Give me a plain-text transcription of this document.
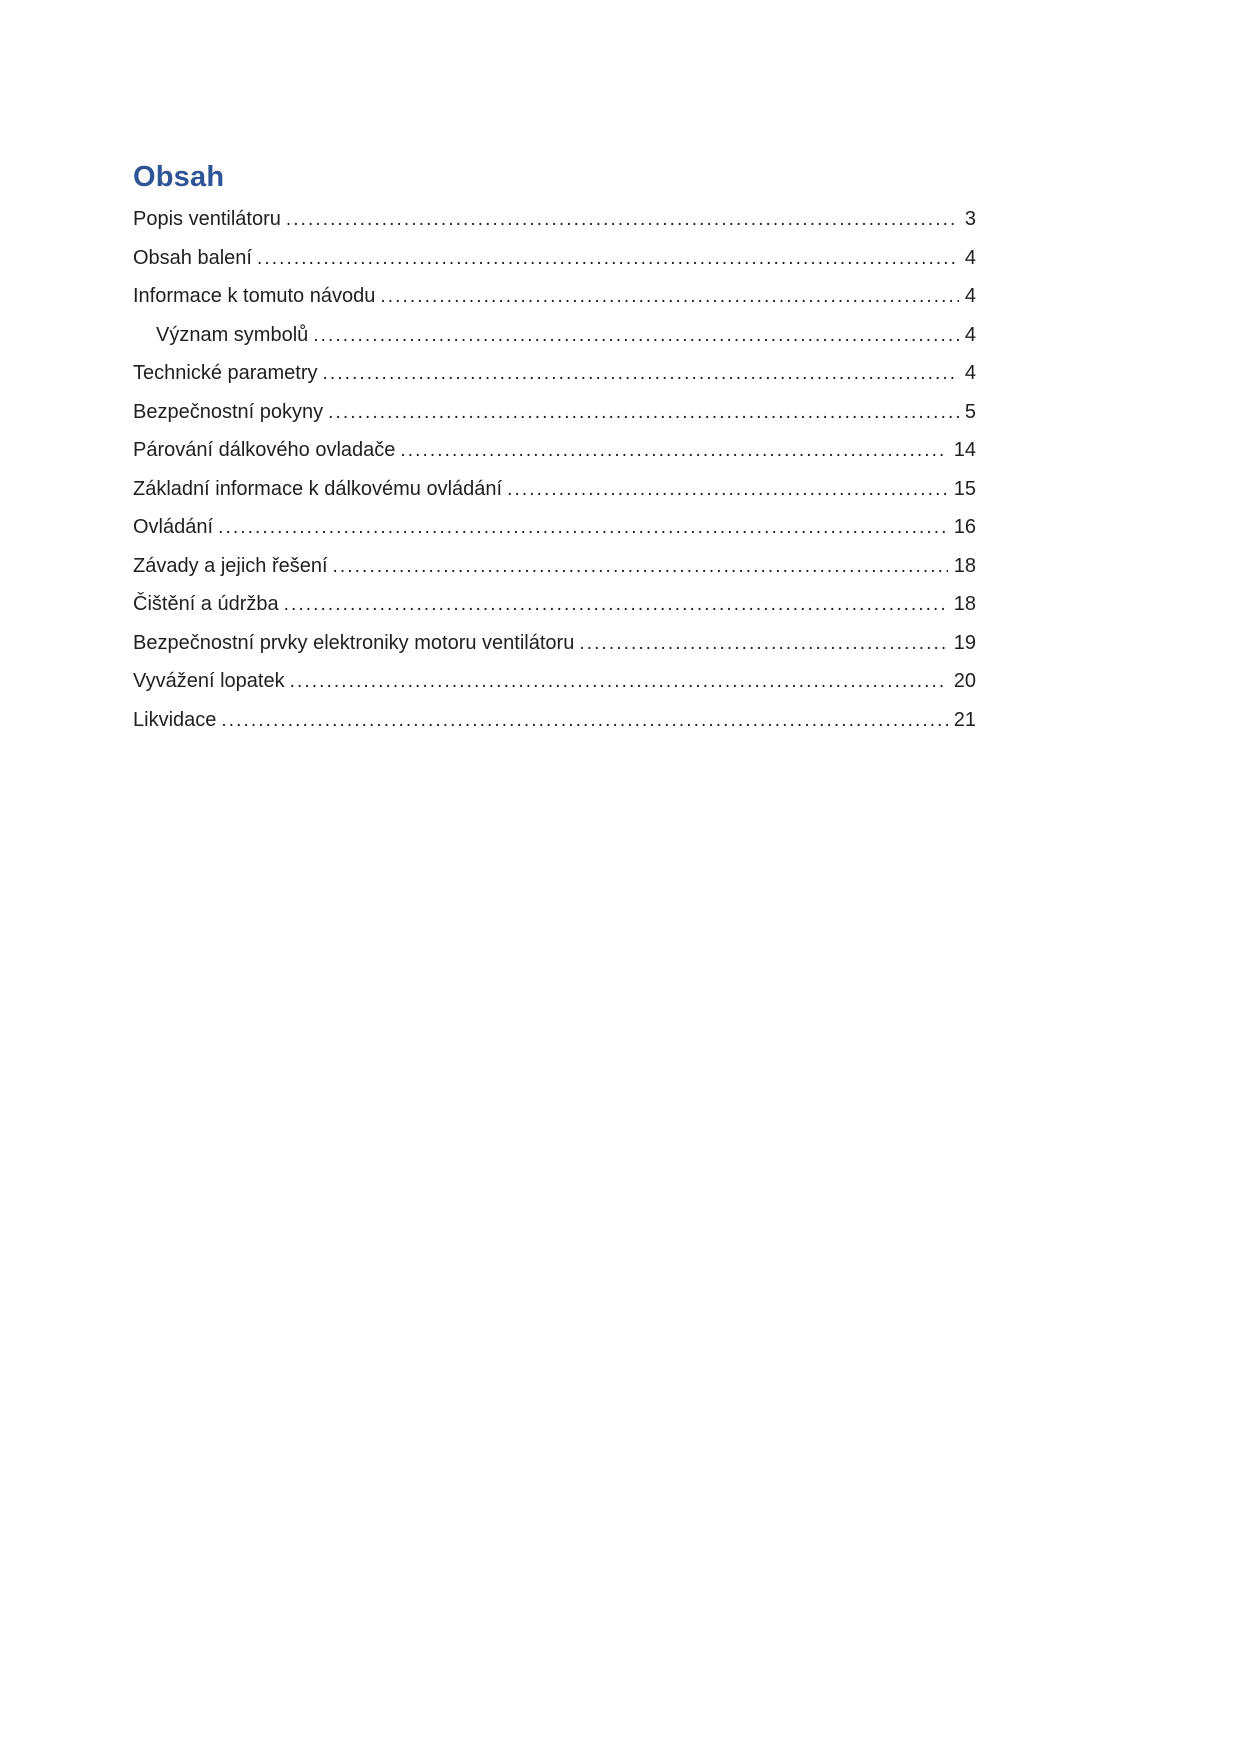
Obsah
Popis ventilátoru .....	3
Obsah balení .....	4
Informace k tomuto návodu .....	4
Význam symbolů .....	4
Technické parametry .....	4
Bezpečnostní pokyny .....	5
Párování dálkového ovladače .....	14
Základní informace k dálkovému ovládání .....	15
Ovládání .....	16
Závady a jejich řešení .....	18
Čištění a údržba .....	18
Bezpečnostní prvky elektroniky motoru ventilátoru .....	19
Vyvážení lopatek .....	20
Likvidace .....	21
